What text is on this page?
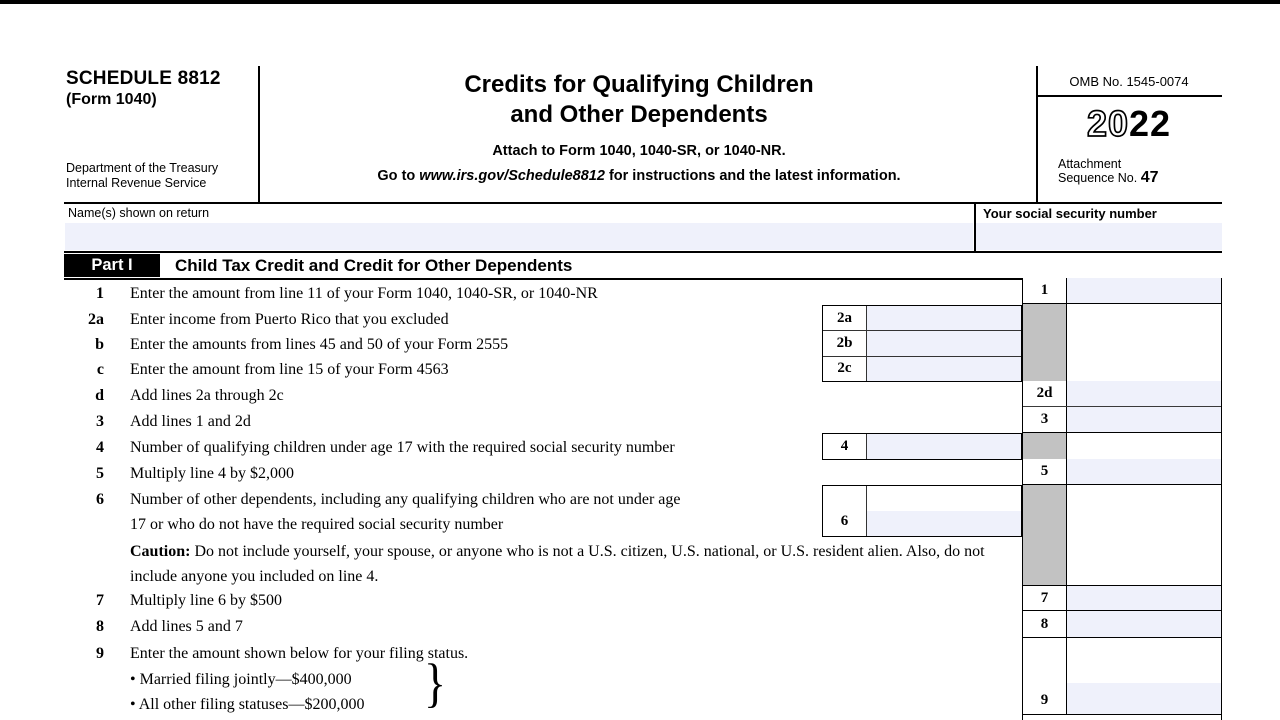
SCHEDULE 8812
(Form 1040)
Department of the Treasury
Internal Revenue Service
Credits for Qualifying Children
and Other Dependents
Attach to Form 1040, 1040-SR, or 1040-NR.
Go to www.irs.gov/Schedule8812 for instructions and the latest information.
OMB No. 1545-0074
2022
Attachment
Sequence No. 47
Name(s) shown on return	Your social security number
Part I	Child Tax Credit and Credit for Other Dependents
1 Enter the amount from line 11 of your Form 1040, 1040-SR, or 1040-NR
2a Enter income from Puerto Rico that you excluded
b Enter the amounts from lines 45 and 50 of your Form 2555
c Enter the amount from line 15 of your Form 4563
d Add lines 2a through 2c
3 Add lines 1 and 2d
4 Number of qualifying children under age 17 with the required social security number
5 Multiply line 4 by $2,000
6 Number of other dependents, including any qualifying children who are not under age
17 or who do not have the required social security number
Caution: Do not include yourself, your spouse, or anyone who is not a U.S. citizen, U.S. national, or U.S. resident alien. Also, do not include anyone you included on line 4.
7 Multiply line 6 by $500
8 Add lines 5 and 7
9 Enter the amount shown below for your filing status.
• Married filing jointly—$400,000
• All other filing statuses—$200,000 }
2a
2b
2c
4
6
1
2d
3
5
7
8
9
